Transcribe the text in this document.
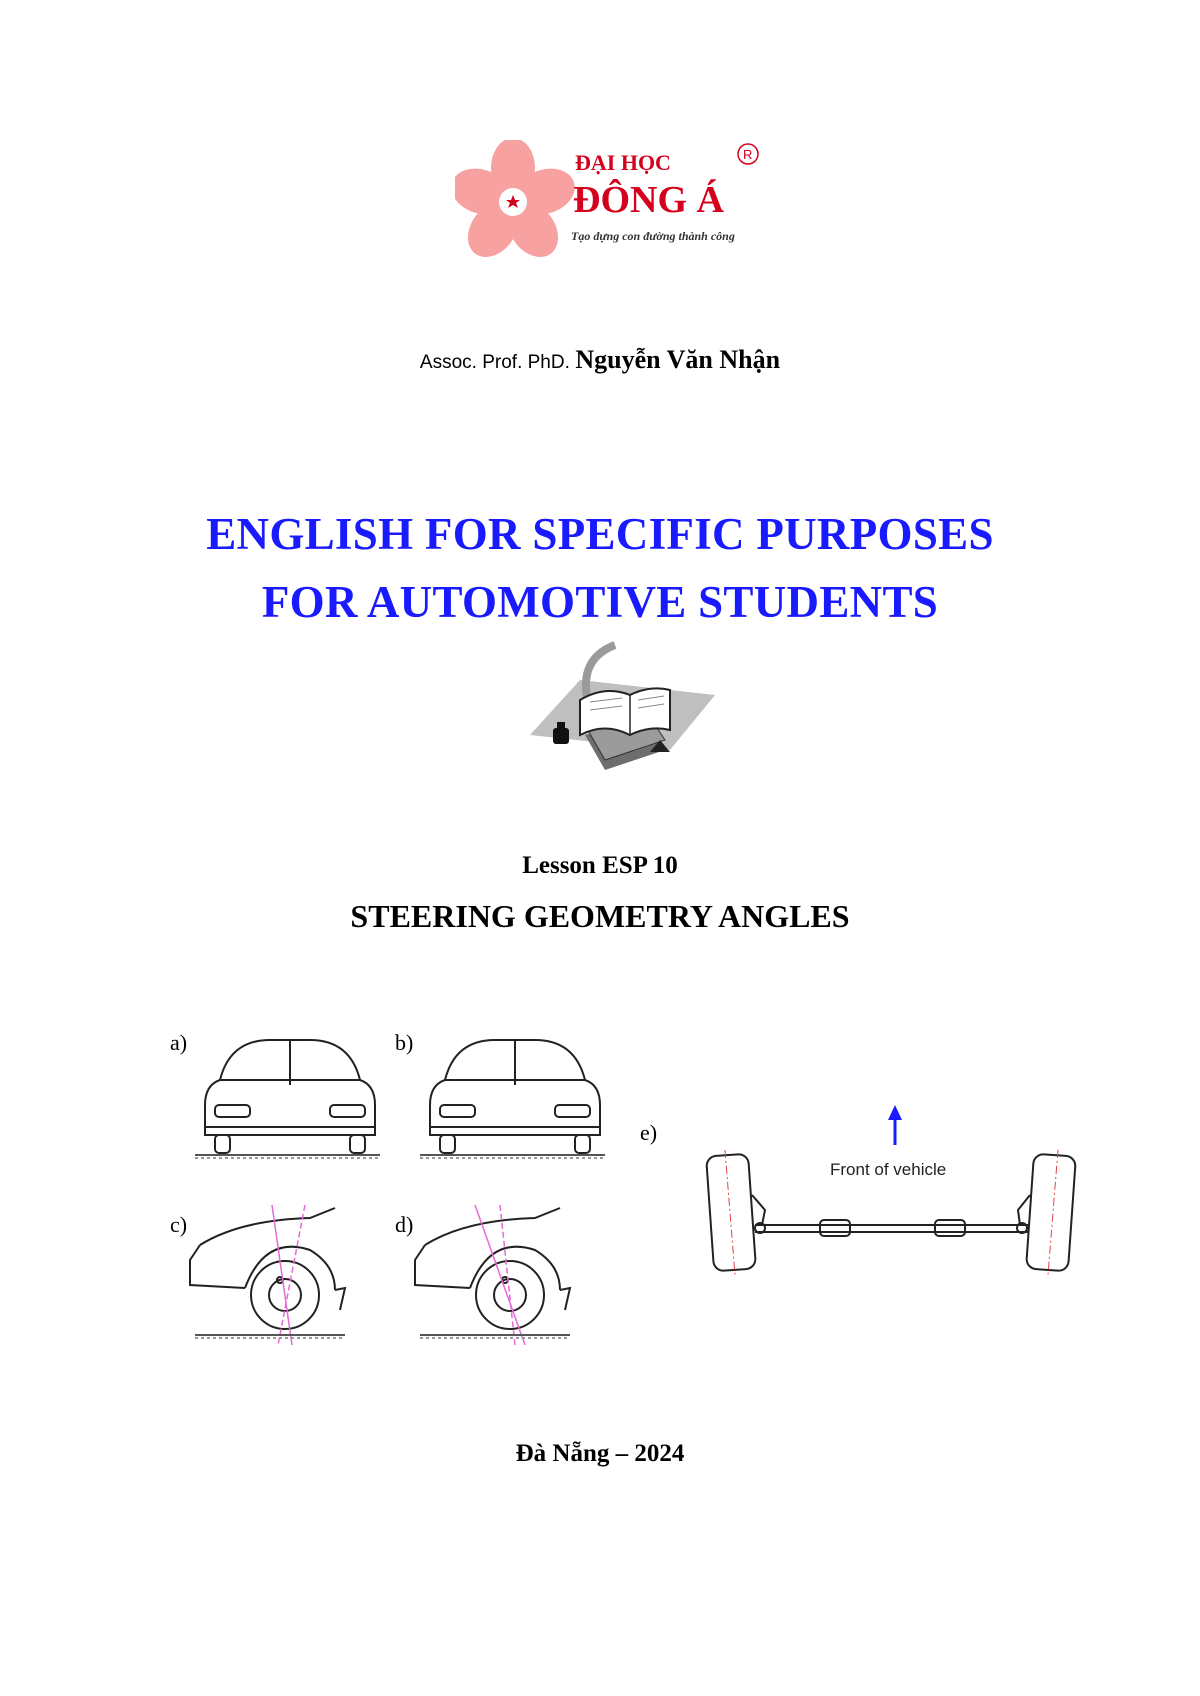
ĐẠI HỌC
ĐÔNG Á
Tạo dựng con đường thành công
R
Assoc. Prof. PhD. Nguyễn Văn Nhận
ENGLISH FOR SPECIFIC PURPOSES
FOR AUTOMOTIVE STUDENTS
Lesson ESP 10
STEERING GEOMETRY ANGLES
a)	b)
c)	d)
e)
Front of vehicle
Đà Nẵng – 2024
